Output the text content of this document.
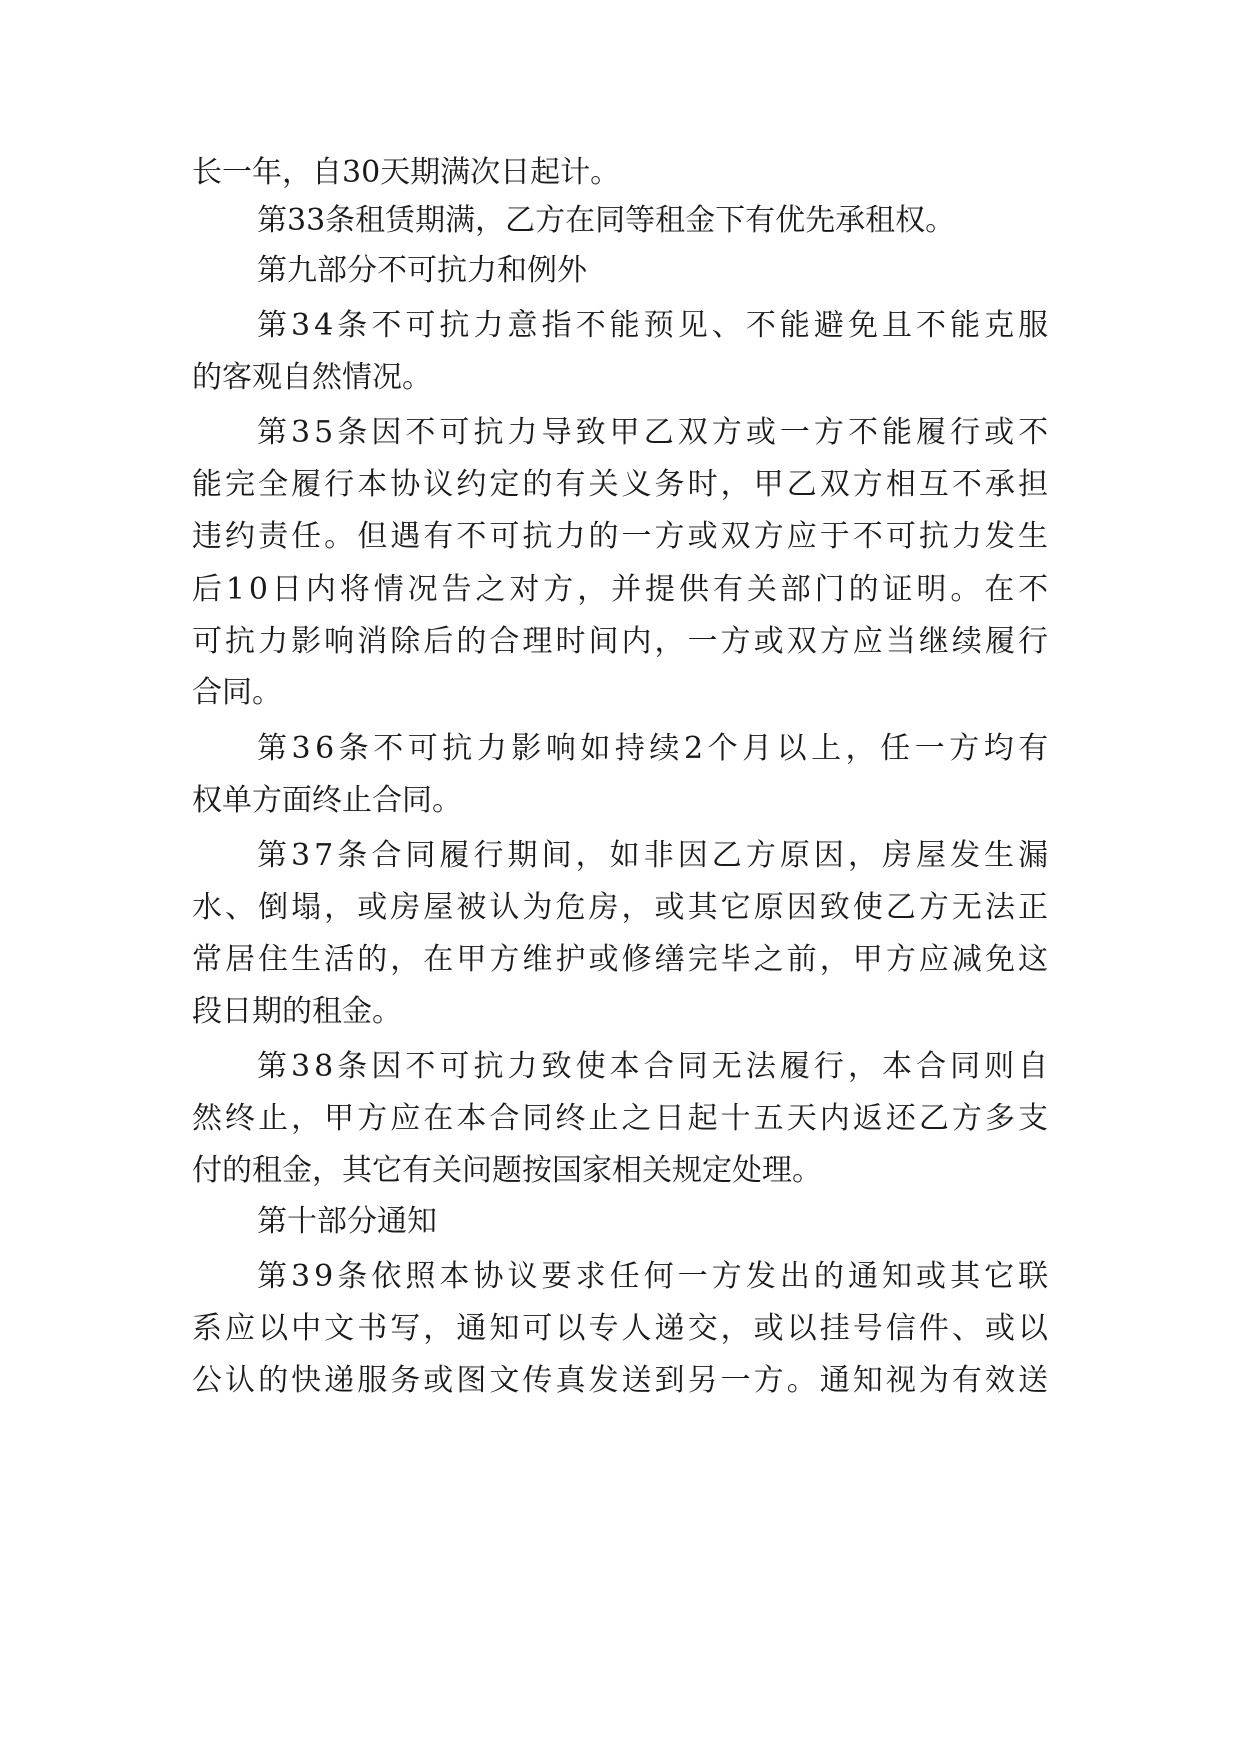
长一年，自30天期满次日起计。
第33条租赁期满，乙方在同等租金下有优先承租权。
第九部分不可抗力和例外
第34条不可抗力意指不能预见、不能避免且不能克服
的客观自然情况。
第35条因不可抗力导致甲乙双方或一方不能履行或不
能完全履行本协议约定的有关义务时，甲乙双方相互不承担
违约责任。但遇有不可抗力的一方或双方应于不可抗力发生
后10日内将情况告之对方，并提供有关部门的证明。在不
可抗力影响消除后的合理时间内，一方或双方应当继续履行
合同。
第36条不可抗力影响如持续2个月以上，任一方均有
权单方面终止合同。
第37条合同履行期间，如非因乙方原因，房屋发生漏
水、倒塌，或房屋被认为危房，或其它原因致使乙方无法正
常居住生活的，在甲方维护或修缮完毕之前，甲方应减免这
段日期的租金。
第38条因不可抗力致使本合同无法履行，本合同则自
然终止，甲方应在本合同终止之日起十五天内返还乙方多支
付的租金，其它有关问题按国家相关规定处理。
第十部分通知
第39条依照本协议要求任何一方发出的通知或其它联
系应以中文书写，通知可以专人递交，或以挂号信件、或以
公认的快递服务或图文传真发送到另一方。通知视为有效送
